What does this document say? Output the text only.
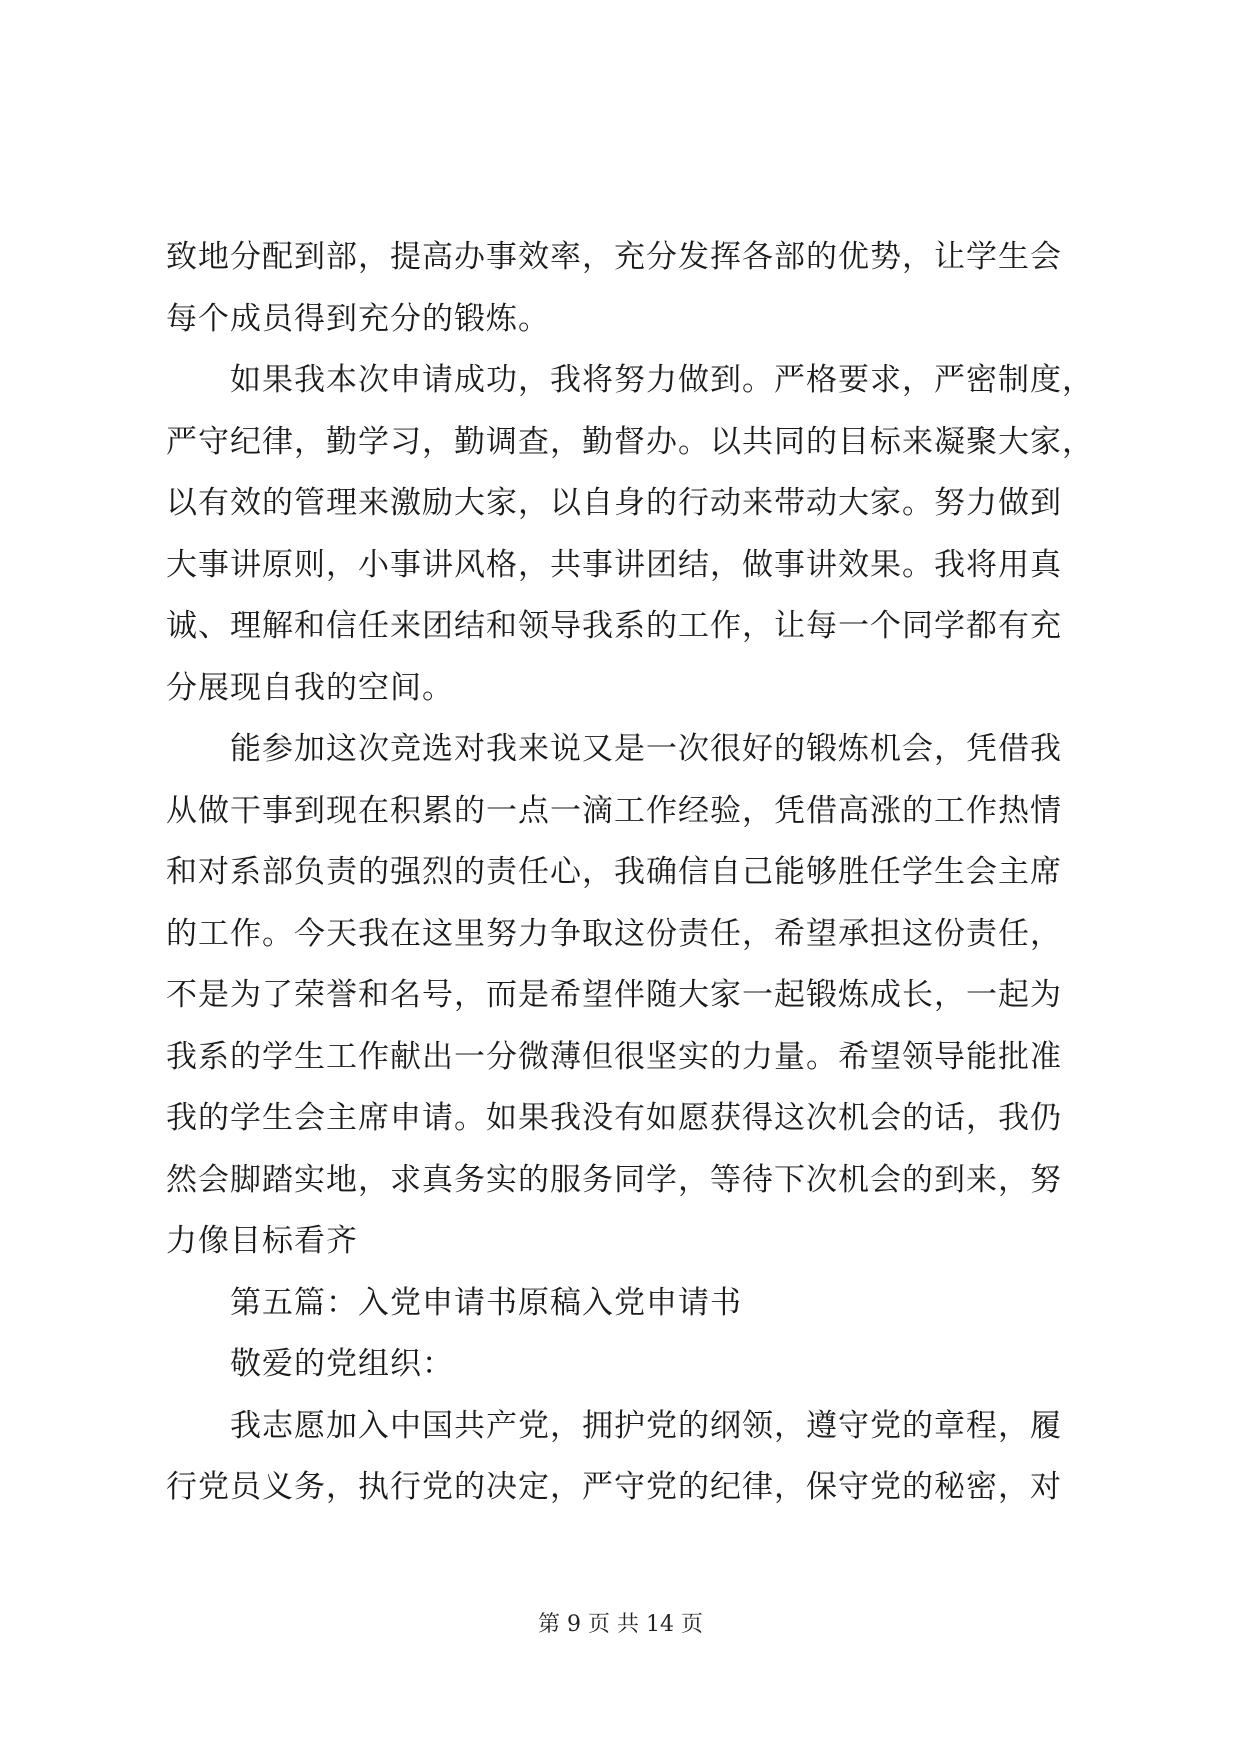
致地分配到部，提高办事效率，充分发挥各部的优势，让学生会
每个成员得到充分的锻炼。
如果我本次申请成功，我将努力做到。严格要求，严密制度，
严守纪律，勤学习，勤调查，勤督办。以共同的目标来凝聚大家，
以有效的管理来激励大家，以自身的行动来带动大家。努力做到
大事讲原则，小事讲风格，共事讲团结，做事讲效果。我将用真
诚、理解和信任来团结和领导我系的工作，让每一个同学都有充
分展现自我的空间。
能参加这次竞选对我来说又是一次很好的锻炼机会，凭借我
从做干事到现在积累的一点一滴工作经验，凭借高涨的工作热情
和对系部负责的强烈的责任心，我确信自己能够胜任学生会主席
的工作。今天我在这里努力争取这份责任，希望承担这份责任，
不是为了荣誉和名号，而是希望伴随大家一起锻炼成长，一起为
我系的学生工作献出一分微薄但很坚实的力量。希望领导能批准
我的学生会主席申请。如果我没有如愿获得这次机会的话，我仍
然会脚踏实地，求真务实的服务同学，等待下次机会的到来，努
力像目标看齐
第五篇：入党申请书原稿入党申请书
敬爱的党组织：
我志愿加入中国共产党，拥护党的纲领，遵守党的章程，履
行党员义务，执行党的决定，严守党的纪律，保守党的秘密，对
第 9 页 共 14 页
